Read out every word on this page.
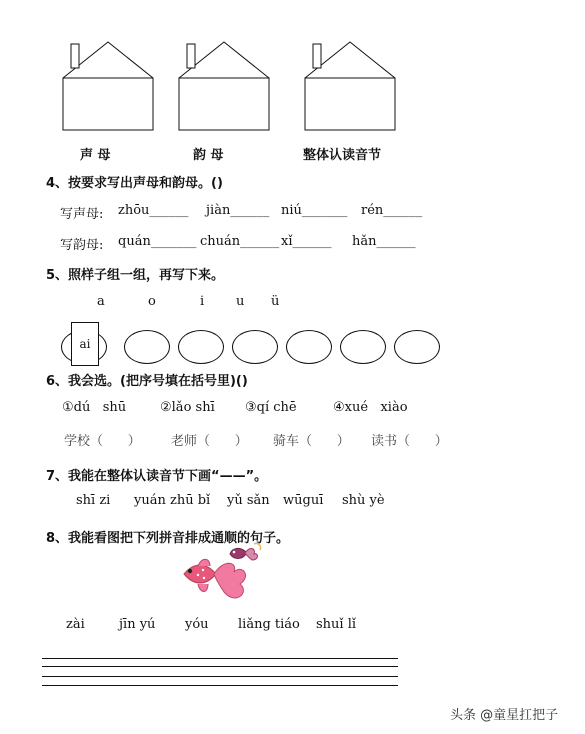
声 母	韵 母	整体认读音节
4、按要求写出声母和韵母。()
写声母: zhōu______ jiàn______ niú_______ rén______
写韵母: quán_______ chuán______ xǐ______ hǎn______
5、照样子组一组，再写下来。
a	o	i u ü
ai
6、我会选。(把序号填在括号里)()
①dú   shū	②lǎo shī ③qí chē	④xué   xiào
学校（      ） 老师（      ） 骑车（      ） 读书（      ）
7、我能在整体认读音节下画“——”。
shī zi yuán zhū bǐ yǔ sǎn wūguī shù yè
8、我能看图把下列拼音排成通顺的句子。
zài	jīn yú yóu liǎng tiáo shuǐ lǐ
头条 @童星扛把子
